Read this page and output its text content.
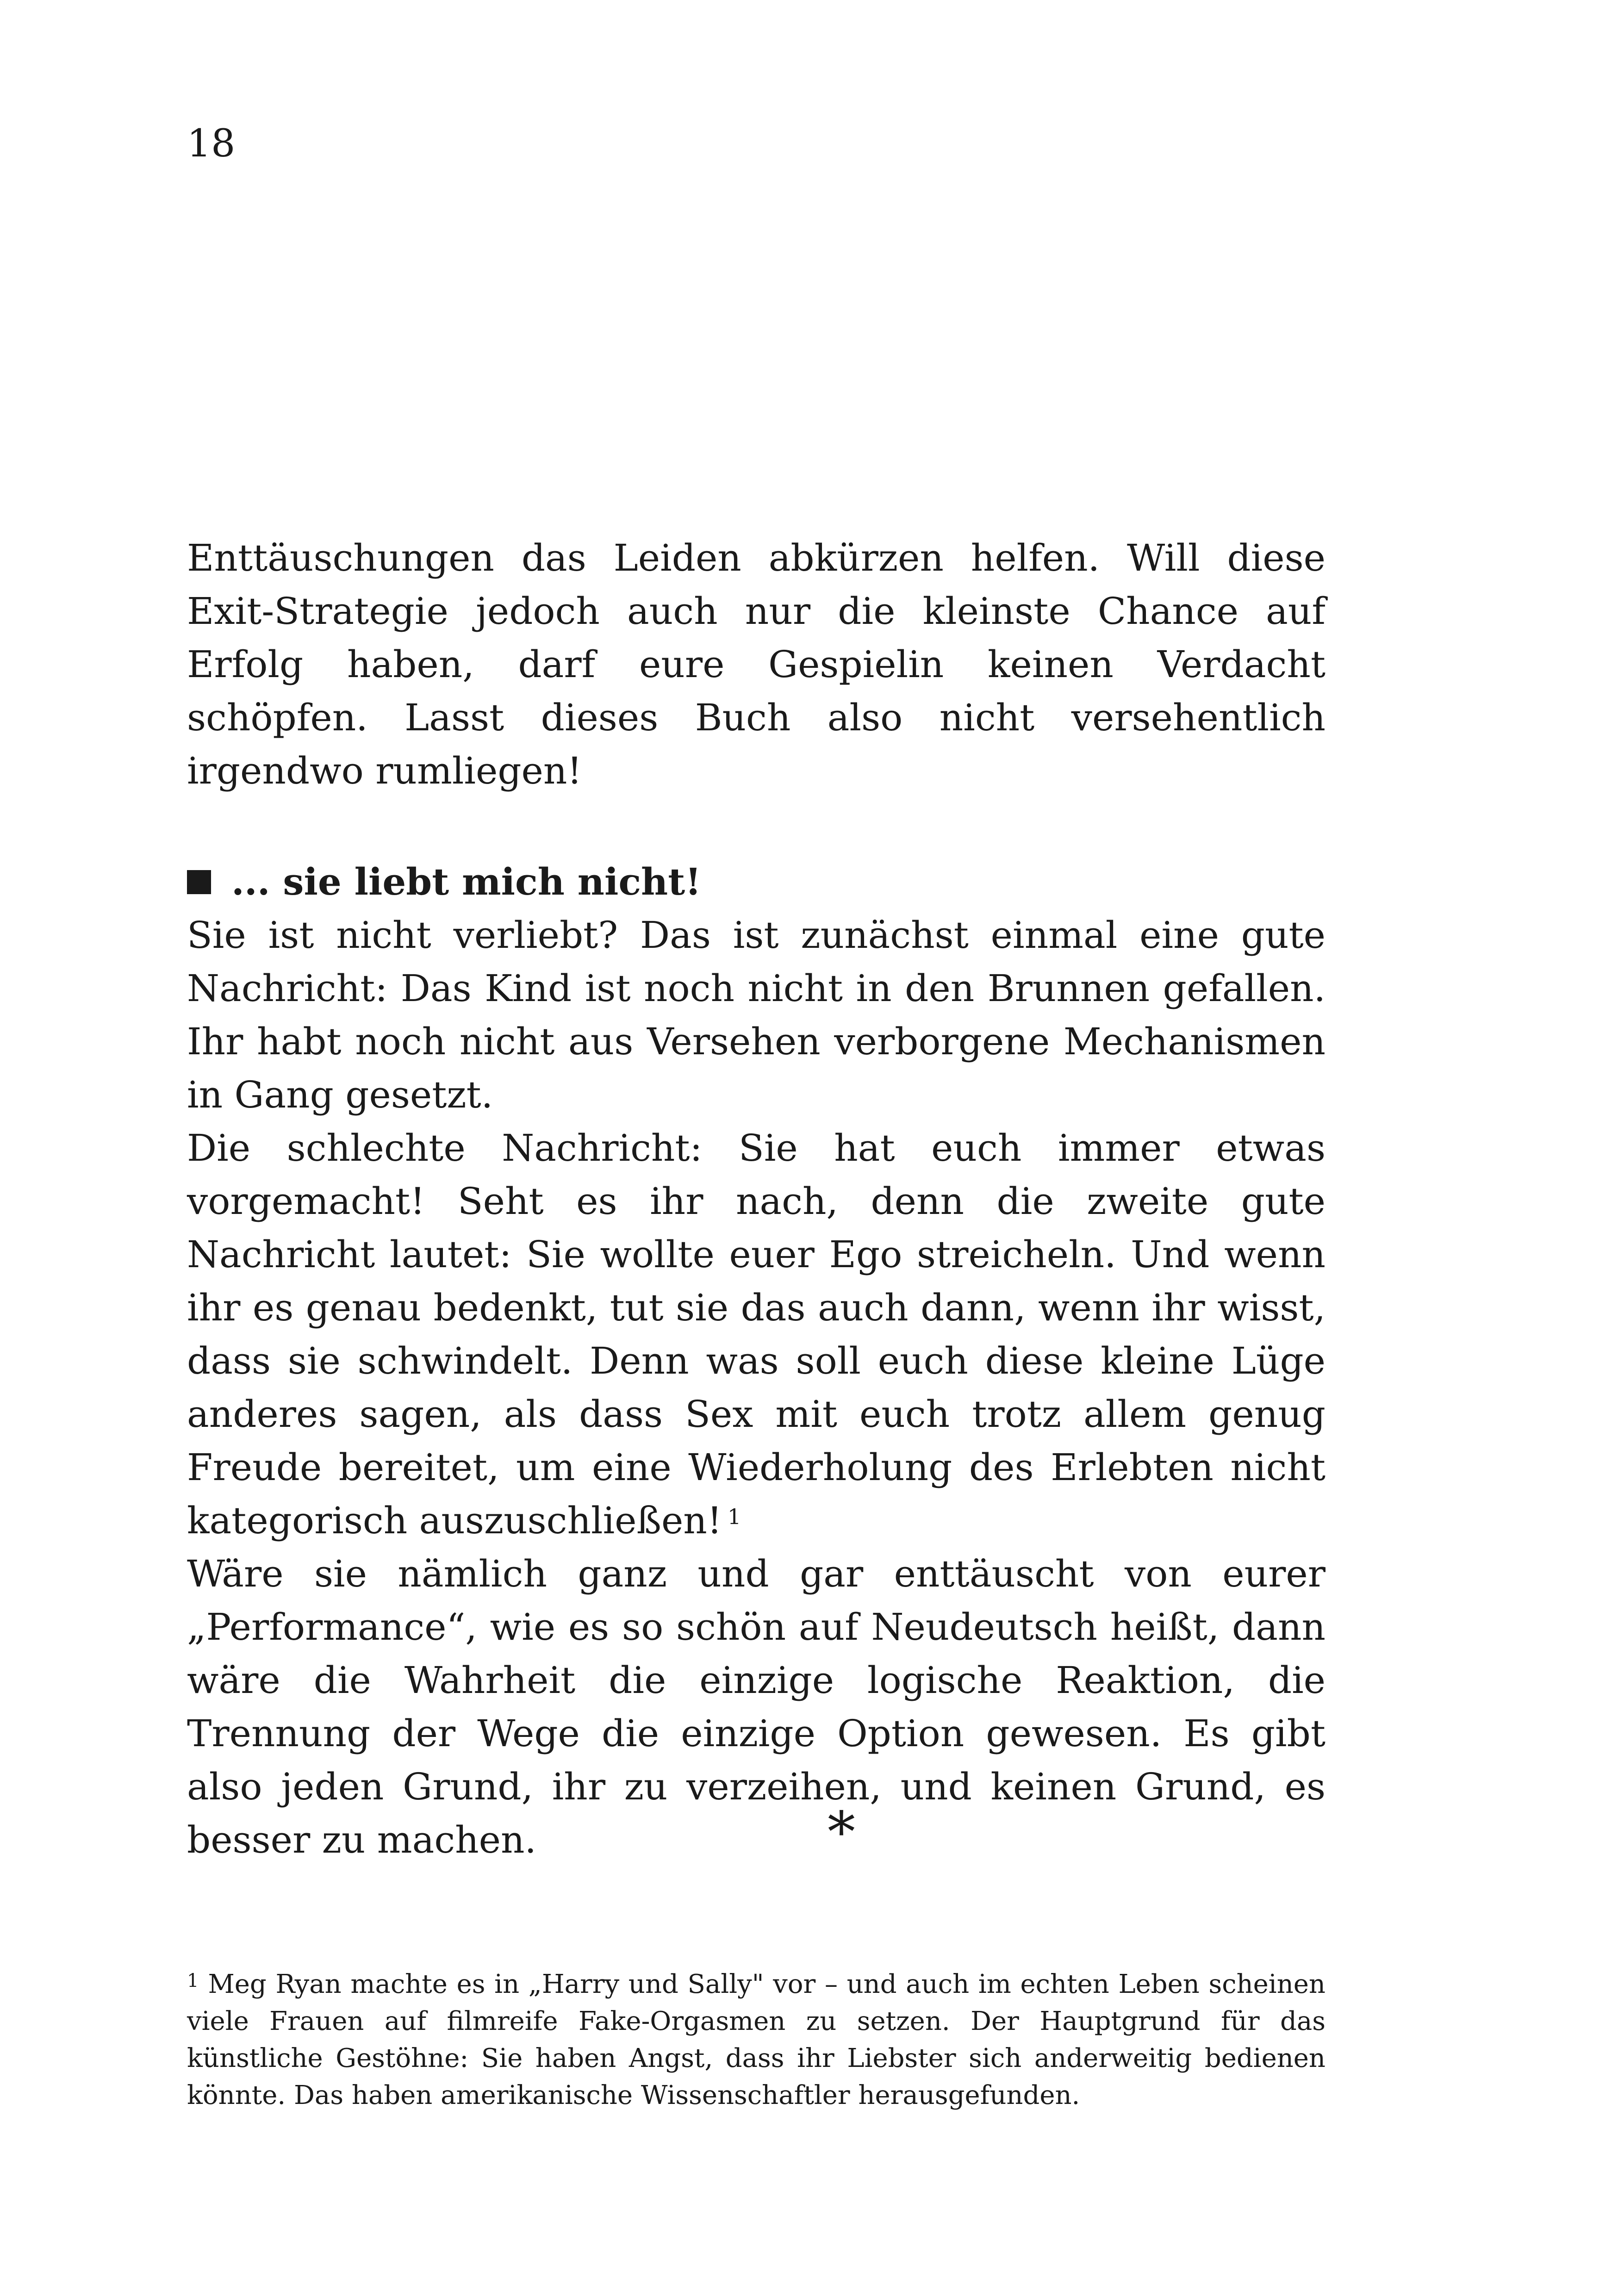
18

Enttäuschungen das Leiden abkürzen helfen. Will diese Exit-Strategie jedoch auch nur die kleinste Chance auf Erfolg haben, darf eure Gespielin keinen Verdacht schöpfen. Lasst dieses Buch also nicht versehentlich irgendwo rumliegen!

... sie liebt mich nicht!

Sie ist nicht verliebt? Das ist zunächst einmal eine gute Nachricht: Das Kind ist noch nicht in den Brunnen gefallen. Ihr habt noch nicht aus Versehen verborgene Mechanismen in Gang gesetzt.

Die schlechte Nachricht: Sie hat euch immer etwas vorgemacht! Seht es ihr nach, denn die zweite gute Nachricht lautet: Sie wollte euer Ego streicheln. Und wenn ihr es genau bedenkt, tut sie das auch dann, wenn ihr wisst, dass sie schwindelt. Denn was soll euch diese kleine Lüge anderes sagen, als dass Sex mit euch trotz allem genug Freude bereitet, um eine Wiederholung des Erlebten nicht kategorisch auszuschließen! $^1$

Wäre sie nämlich ganz und gar enttäuscht von eurer „Performance“, wie es so schön auf Neudeutsch heißt, dann wäre die Wahrheit die einzige logische Reaktion, die Trennung der Wege die einzige Option gewesen. Es gibt also jeden Grund, ihr zu verzeihen, und keinen Grund, es besser zu machen.	*

$^1$ Meg Ryan machte es in „Harry und Sally" vor – und auch im echten Leben scheinen viele Frauen auf filmreife Fake-Orgasmen zu setzen. Der Hauptgrund für das künstliche Gestöhne: Sie haben Angst, dass ihr Liebster sich anderweitig bedienen könnte. Das haben amerikanische Wissenschaftler herausgefunden.
